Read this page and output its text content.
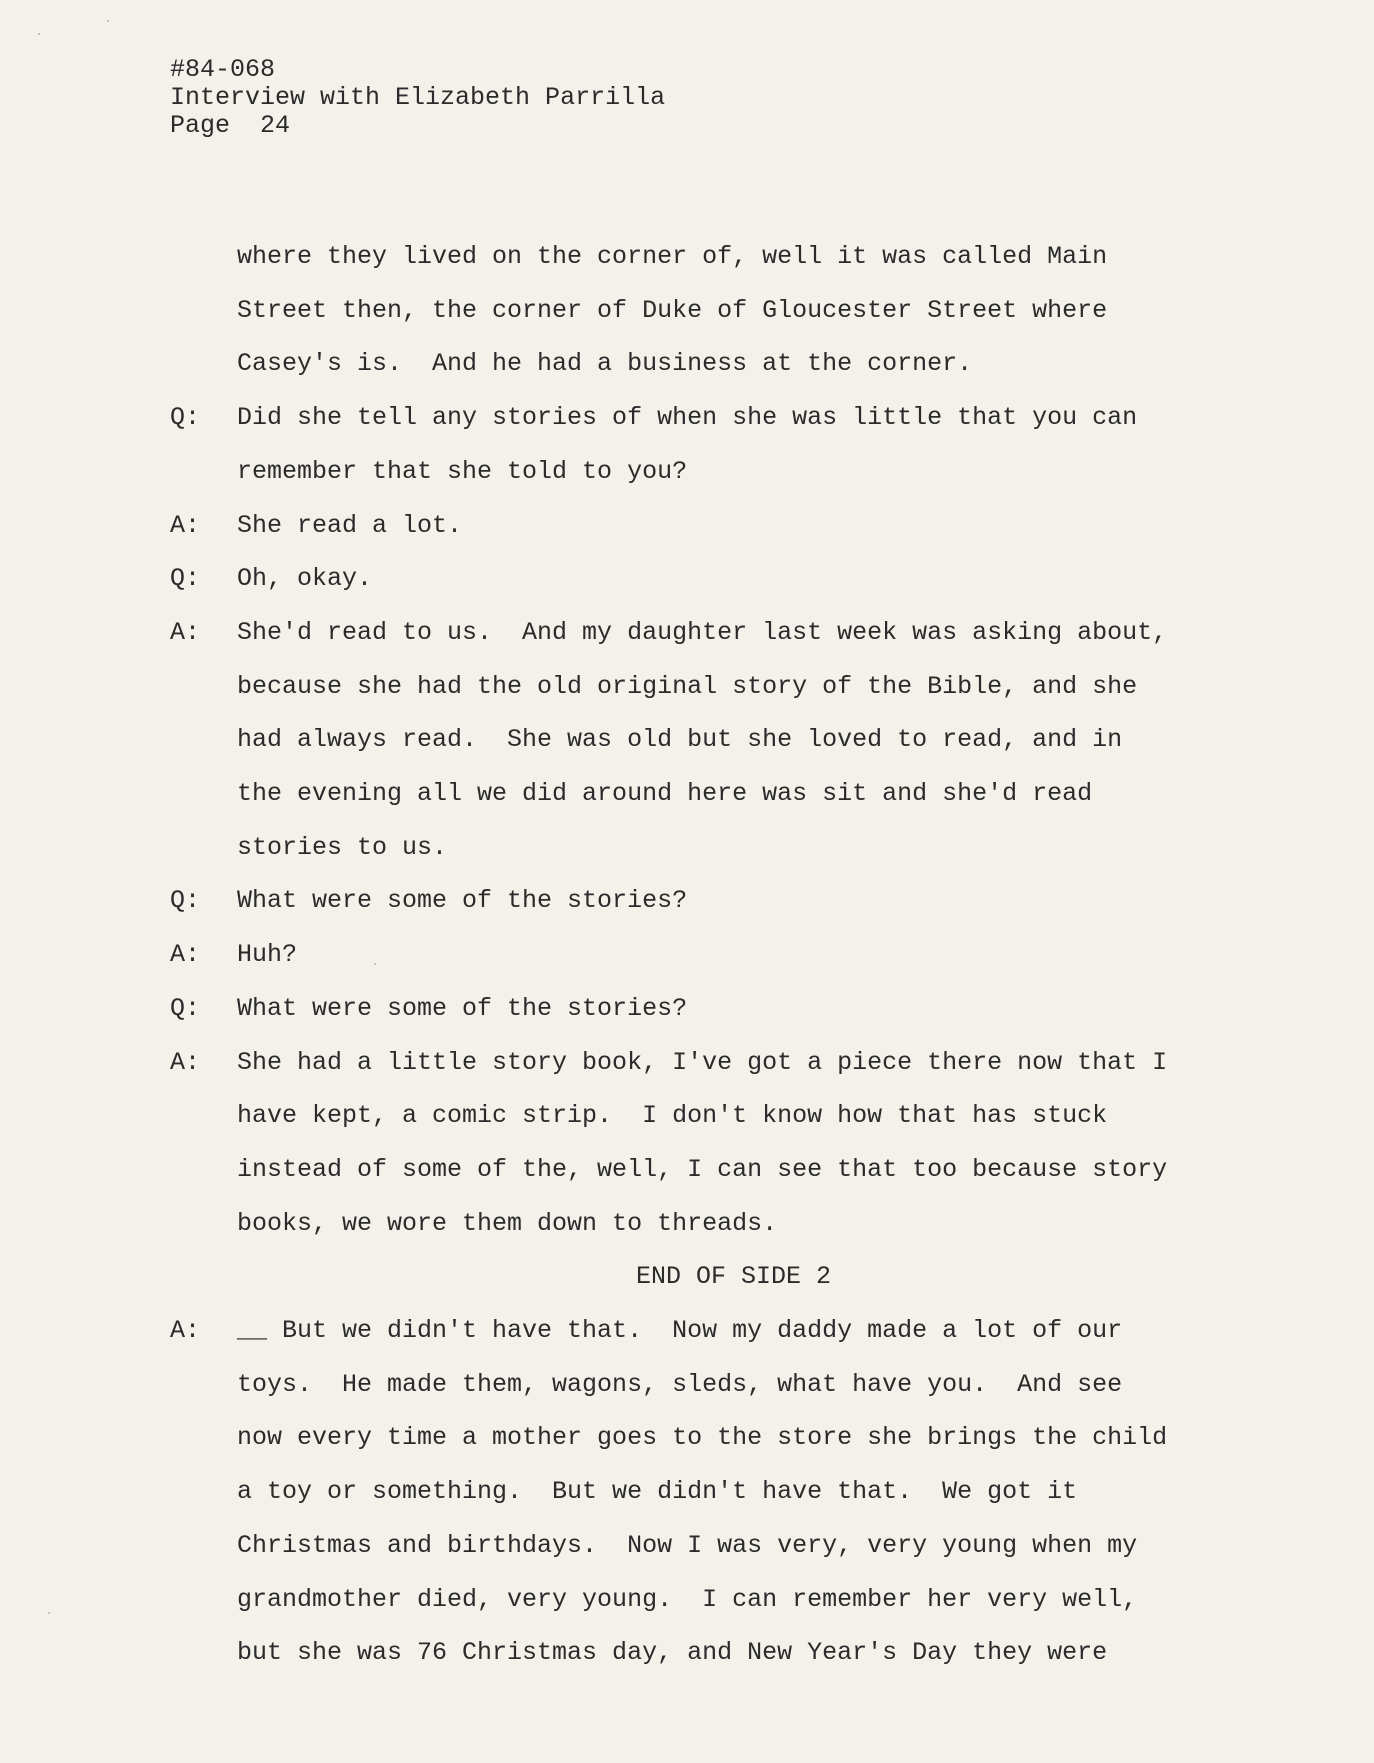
#84-068
Interview with Elizabeth Parrilla
Page  24
where they lived on the corner of, well it was called Main
Street then, the corner of Duke of Gloucester Street where
Casey's is.  And he had a business at the corner.
Q:	Did she tell any stories of when she was little that you can
remember that she told to you?
A:	She read a lot.
Q:	Oh, okay.
A:	She'd read to us.  And my daughter last week was asking about,
because she had the old original story of the Bible, and she
had always read.  She was old but she loved to read, and in
the evening all we did around here was sit and she'd read
stories to us.
Q:	What were some of the stories?
A:	Huh?
Q:	What were some of the stories?
A:	She had a little story book, I've got a piece there now that I
have kept, a comic strip.  I don't know how that has stuck
instead of some of the, well, I can see that too because story
books, we wore them down to threads.
END OF SIDE 2
A:	__ But we didn't have that.  Now my daddy made a lot of our
toys.  He made them, wagons, sleds, what have you.  And see
now every time a mother goes to the store she brings the child
a toy or something.  But we didn't have that.  We got it
Christmas and birthdays.  Now I was very, very young when my
grandmother died, very young.  I can remember her very well,
but she was 76 Christmas day, and New Year's Day they were
